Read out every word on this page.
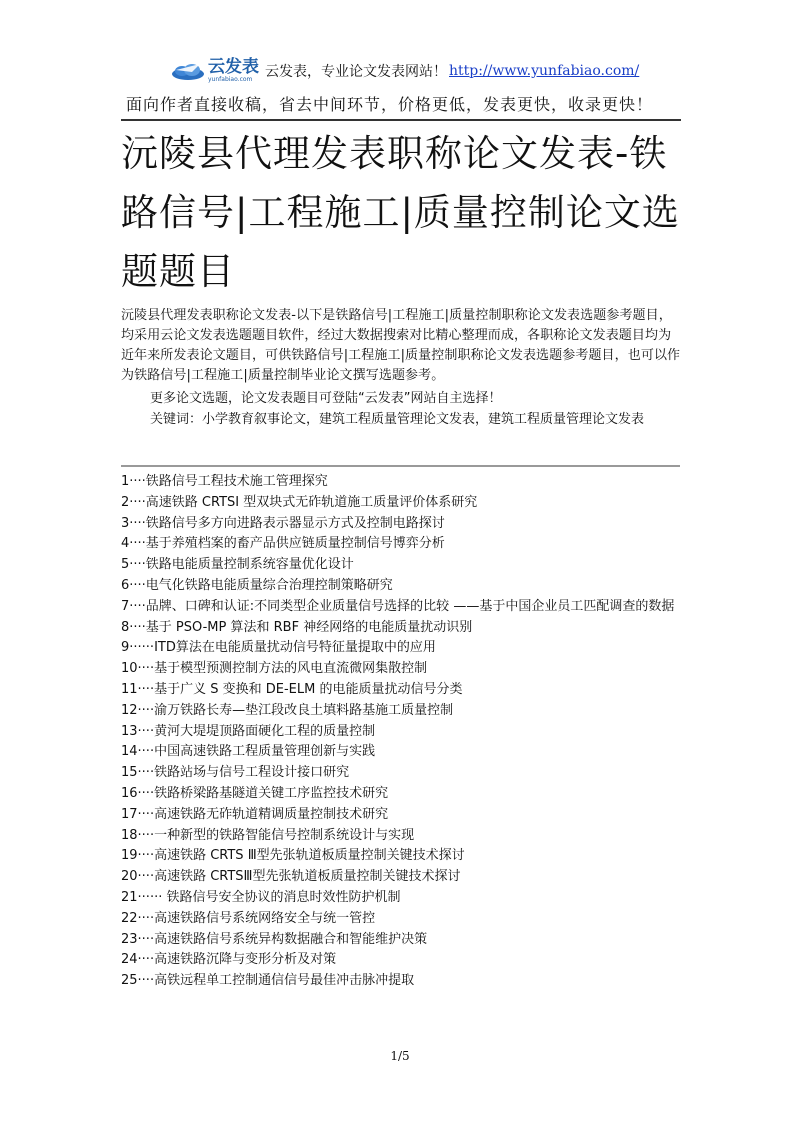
云发表
yunfabiao.com 云发表，专业论文发表网站！ http://www.yunfabiao.com/
面向作者直接收稿，省去中间环节，价格更低，发表更快，收录更快！
沅陵县代理发表职称论文发表-铁路信号|工程施工|质量控制论文选题题目

沅陵县代理发表职称论文发表-以下是铁路信号|工程施工|质量控制职称论文发表选题参考题目，均采用云论文发表选题题目软件，经过大数据搜索对比精心整理而成，各职称论文发表题目均为近年来所发表论文题目，可供铁路信号|工程施工|质量控制职称论文发表选题参考题目，也可以作为铁路信号|工程施工|质量控制毕业论文撰写选题参考。

更多论文选题，论文发表题目可登陆“云发表”网站自主选择！
关键词：小学教育叙事论文，建筑工程质量管理论文发表，建筑工程质量管理论文发表
1····铁路信号工程技术施工管理探究
2····高速铁路 CRTSI 型双块式无砟轨道施工质量评价体系研究
3····铁路信号多方向进路表示器显示方式及控制电路探讨
4····基于养殖档案的畜产品供应链质量控制信号博弈分析
5····铁路电能质量控制系统容量优化设计
6····电气化铁路电能质量综合治理控制策略研究
7····品牌、口碑和认证:不同类型企业质量信号选择的比较 ——基于中国企业员工匹配调查的数据
8····基于 PSO-MP 算法和 RBF 神经网络的电能质量扰动识别
9······ITD算法在电能质量扰动信号特征量提取中的应用
10····基于模型预测控制方法的风电直流微网集散控制
11····基于广义 S 变换和 DE-ELM 的电能质量扰动信号分类
12····渝万铁路长寿—垫江段改良土填料路基施工质量控制
13····黄河大堤堤顶路面硬化工程的质量控制
14····中国高速铁路工程质量管理创新与实践
15····铁路站场与信号工程设计接口研究
16····铁路桥梁路基隧道关键工序监控技术研究
17····高速铁路无砟轨道精调质量控制技术研究
18····一种新型的铁路智能信号控制系统设计与实现
19····高速铁路 CRTS Ⅲ型先张轨道板质量控制关键技术探讨
20····高速铁路 CRTSⅢ型先张轨道板质量控制关键技术探讨
21······ 铁路信号安全协议的消息时效性防护机制
22····高速铁路信号系统网络安全与统一管控
23····高速铁路信号系统异构数据融合和智能维护决策
24····高速铁路沉降与变形分析及对策
25····高铁远程单工控制通信信号最佳冲击脉冲提取
1/5
